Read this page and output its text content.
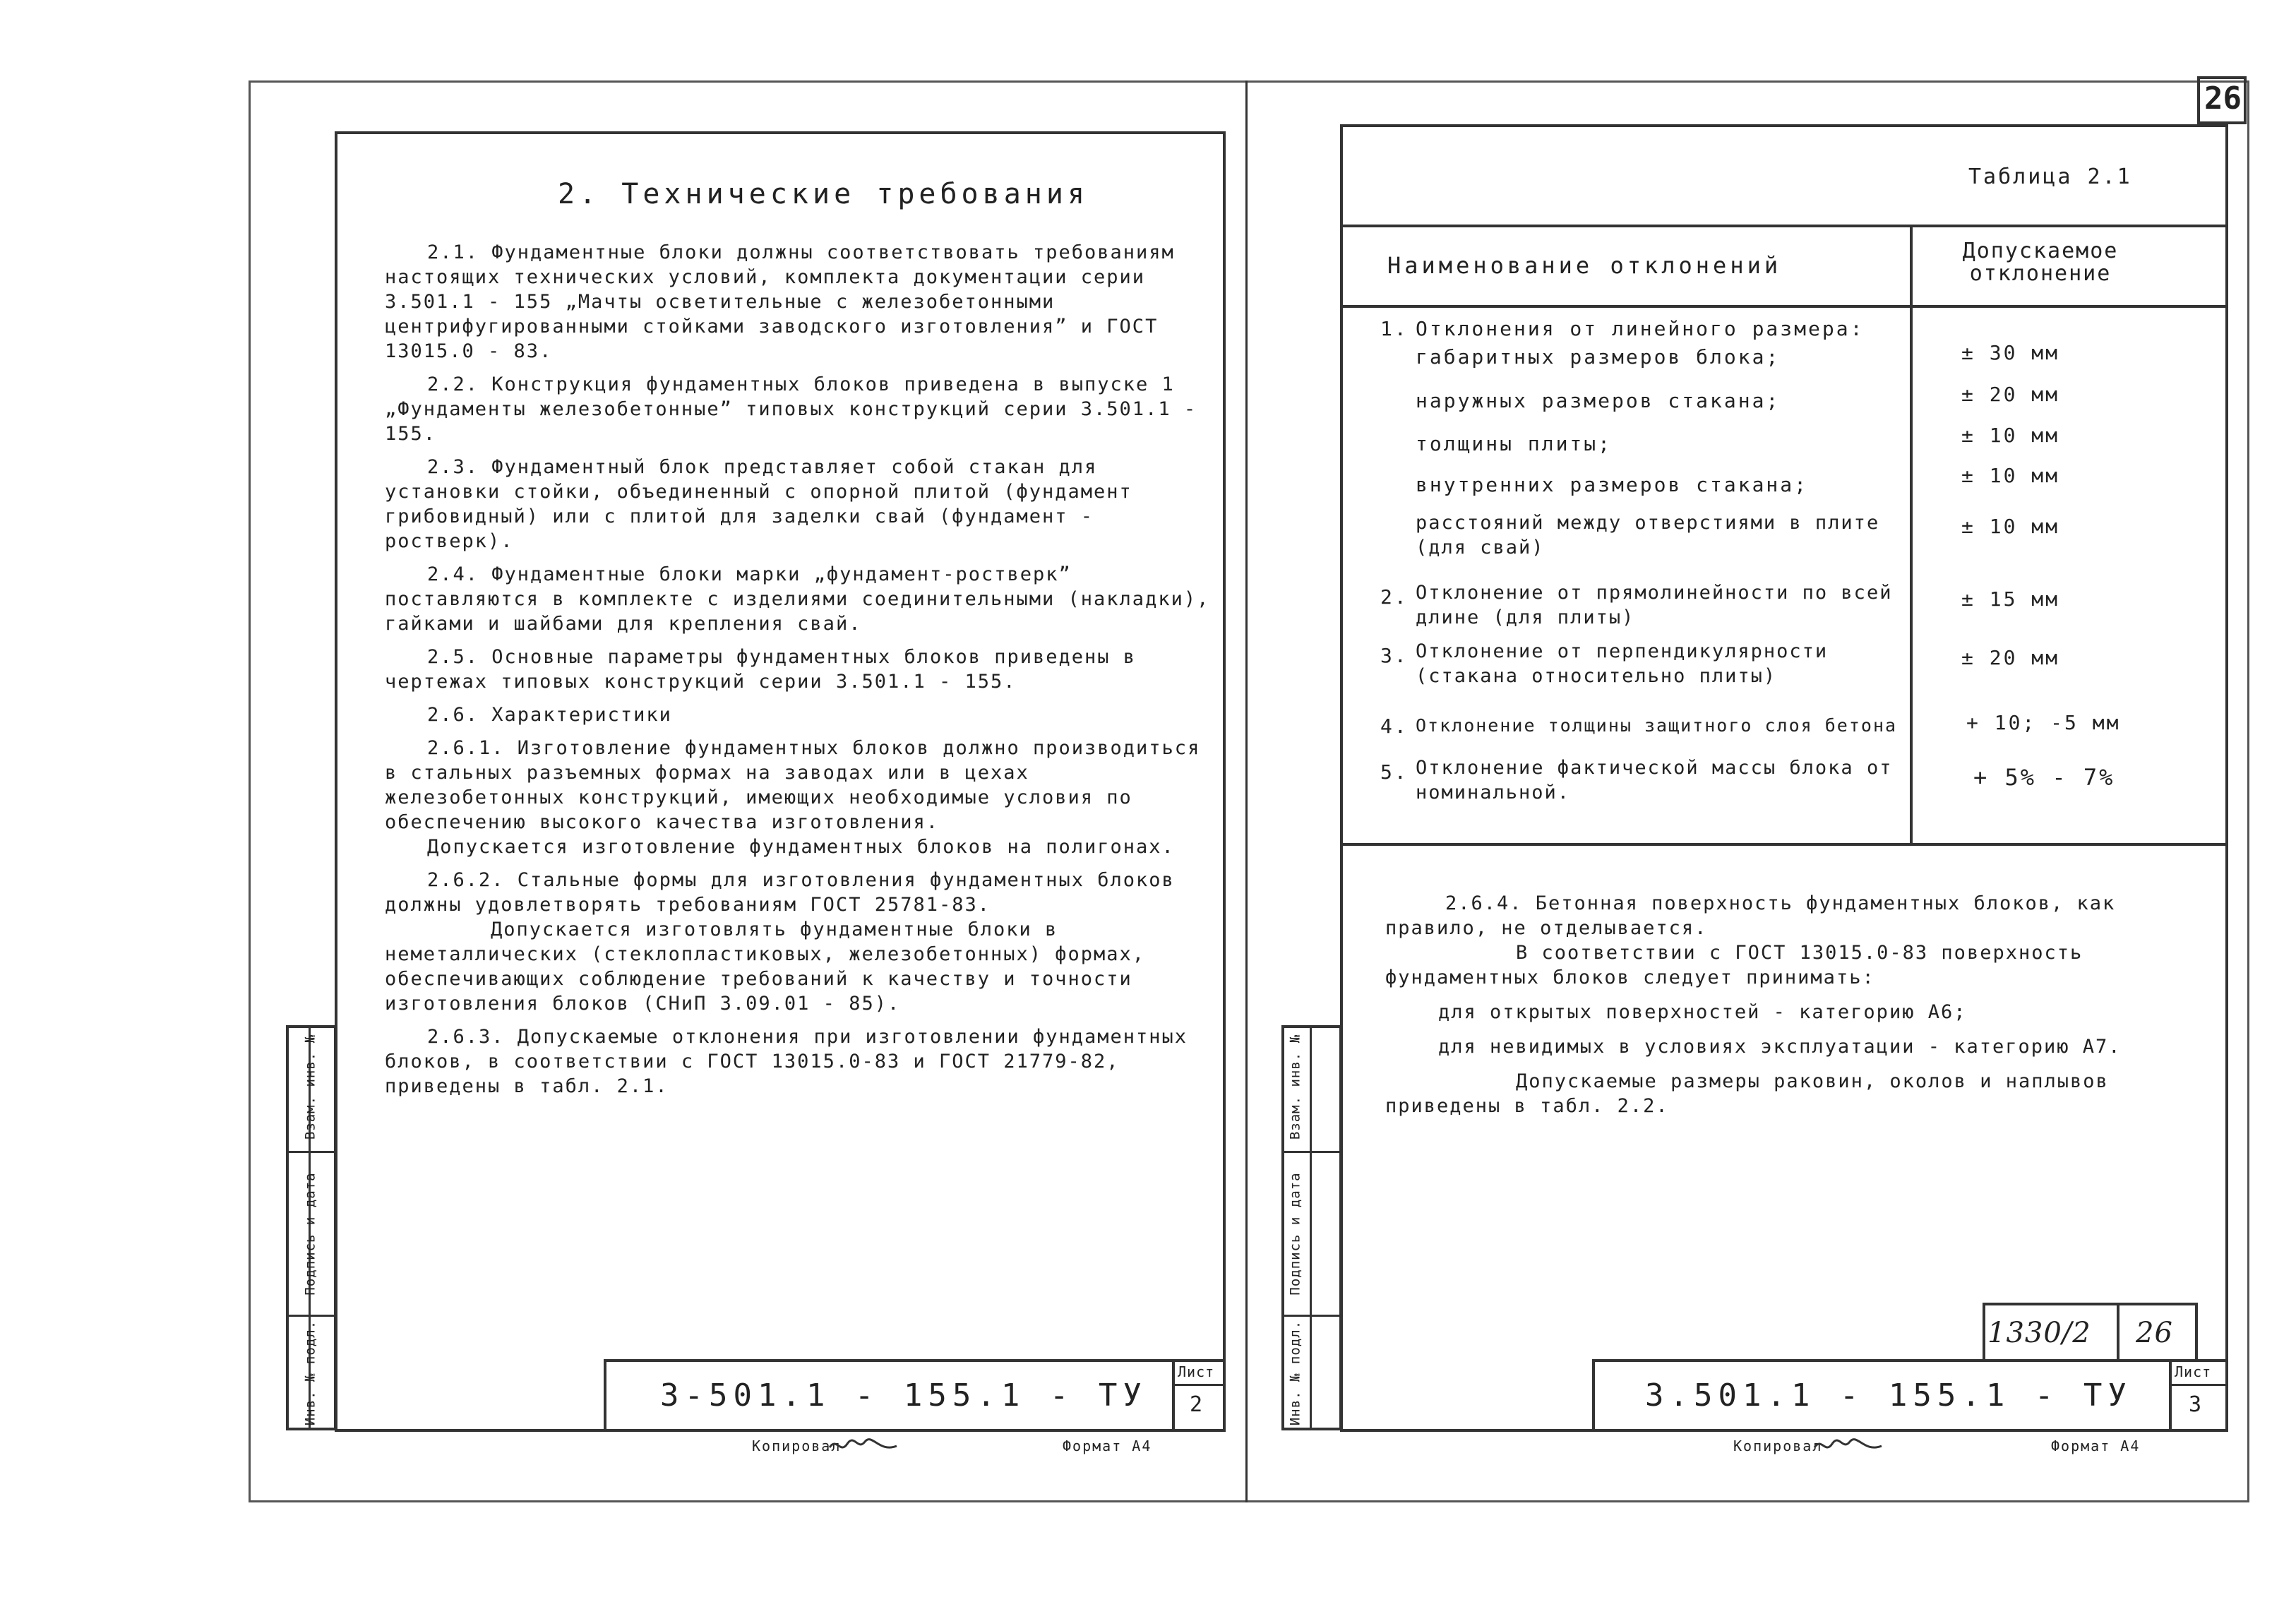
2. Технические требования
2.1. Фундаментные блоки должны соответствовать требованиям настоящих технических условий, комплекта документации серии 3.501.1 - 155 „Мачты осветительные с железобетонными центрифугированными стойками заводского изготовления” и ГОСТ 13015.0 - 83.
2.2. Конструкция фундаментных блоков приведена в выпуске 1 „Фундаменты железобетонные” типовых конструкций серии 3.501.1 - 155.
2.3. Фундаментный блок представляет собой стакан для установки стойки, объединенный с опорной плитой (фундамент грибовидный) или с плитой для заделки свай (фундамент - ростверк).
2.4. Фундаментные блоки марки „фундамент-ростверк” поставляются в комплекте с изделиями соединительными (накладки), гайками и шайбами для крепления свай.
2.5. Основные параметры фундаментных блоков приведены в чертежах типовых конструкций серии 3.501.1 - 155.
2.6. Характеристики
2.6.1. Изготовление фундаментных блоков должно производиться в стальных разъемных формах на заводах или в цехах железобетонных конструкций, имеющих необходимые условия по обеспечению высокого качества изготовления.
Допускается изготовление фундаментных блоков на полигонах.
2.6.2. Стальные формы для изготовления фундаментных блоков должны удовлетворять требованиям ГОСТ 25781-83.
Допускается изготовлять фундаментные блоки в неметаллических (стеклопластиковых, железобетонных) формах, обеспечивающих соблюдение требований к качеству и точности изготовления блоков (СНиП 3.09.01 - 85).
2.6.3. Допускаемые отклонения при изготовлении фундаментных блоков, в соответствии с ГОСТ 13015.0-83 и ГОСТ 21779-82, приведены в табл. 2.1.
Взам. инв. №
Подпись и дата
Инв. № подл.	3-501.1 - 155.1 - ТУ
Лист
2
Копировал	Формат А4
26
Таблица 2.1
Наименование отклонений
Допускаемое отклонение
1. Отклонения от линейного размера:
габаритных размеров блока;	± 30 мм
наружных размеров стакана;	± 20 мм
толщины плиты;	± 10 мм
внутренних размеров стакана;	± 10 мм
расстояний между отверстиями в плите (для свай)
± 10 мм
2. Отклонение от прямолинейности по всей длине (для плиты)
± 15 мм
3. Отклонение от перпендикулярности (стакана относительно плиты)
± 20 мм
4. Отклонение толщины защитного слоя бетона	+ 10; -5 мм
5. Отклонение фактической массы блока от номинальной.
+ 5% - 7%
2.6.4. Бетонная поверхность фундаментных блоков, как правило, не отделывается.
В соответствии с ГОСТ 13015.0-83 поверхность фундаментных блоков следует принимать:
для открытых поверхностей - категорию А6;
для невидимых в условиях эксплуатации - категорию А7.
Допускаемые размеры раковин, околов и наплывов приведены в табл. 2.2.
Взам. инв. №
Подпись и дата
Инв. № подл.	1330/2 26
3.501.1 - 155.1 - ТУ
Лист
3
Копировал	Формат А4
